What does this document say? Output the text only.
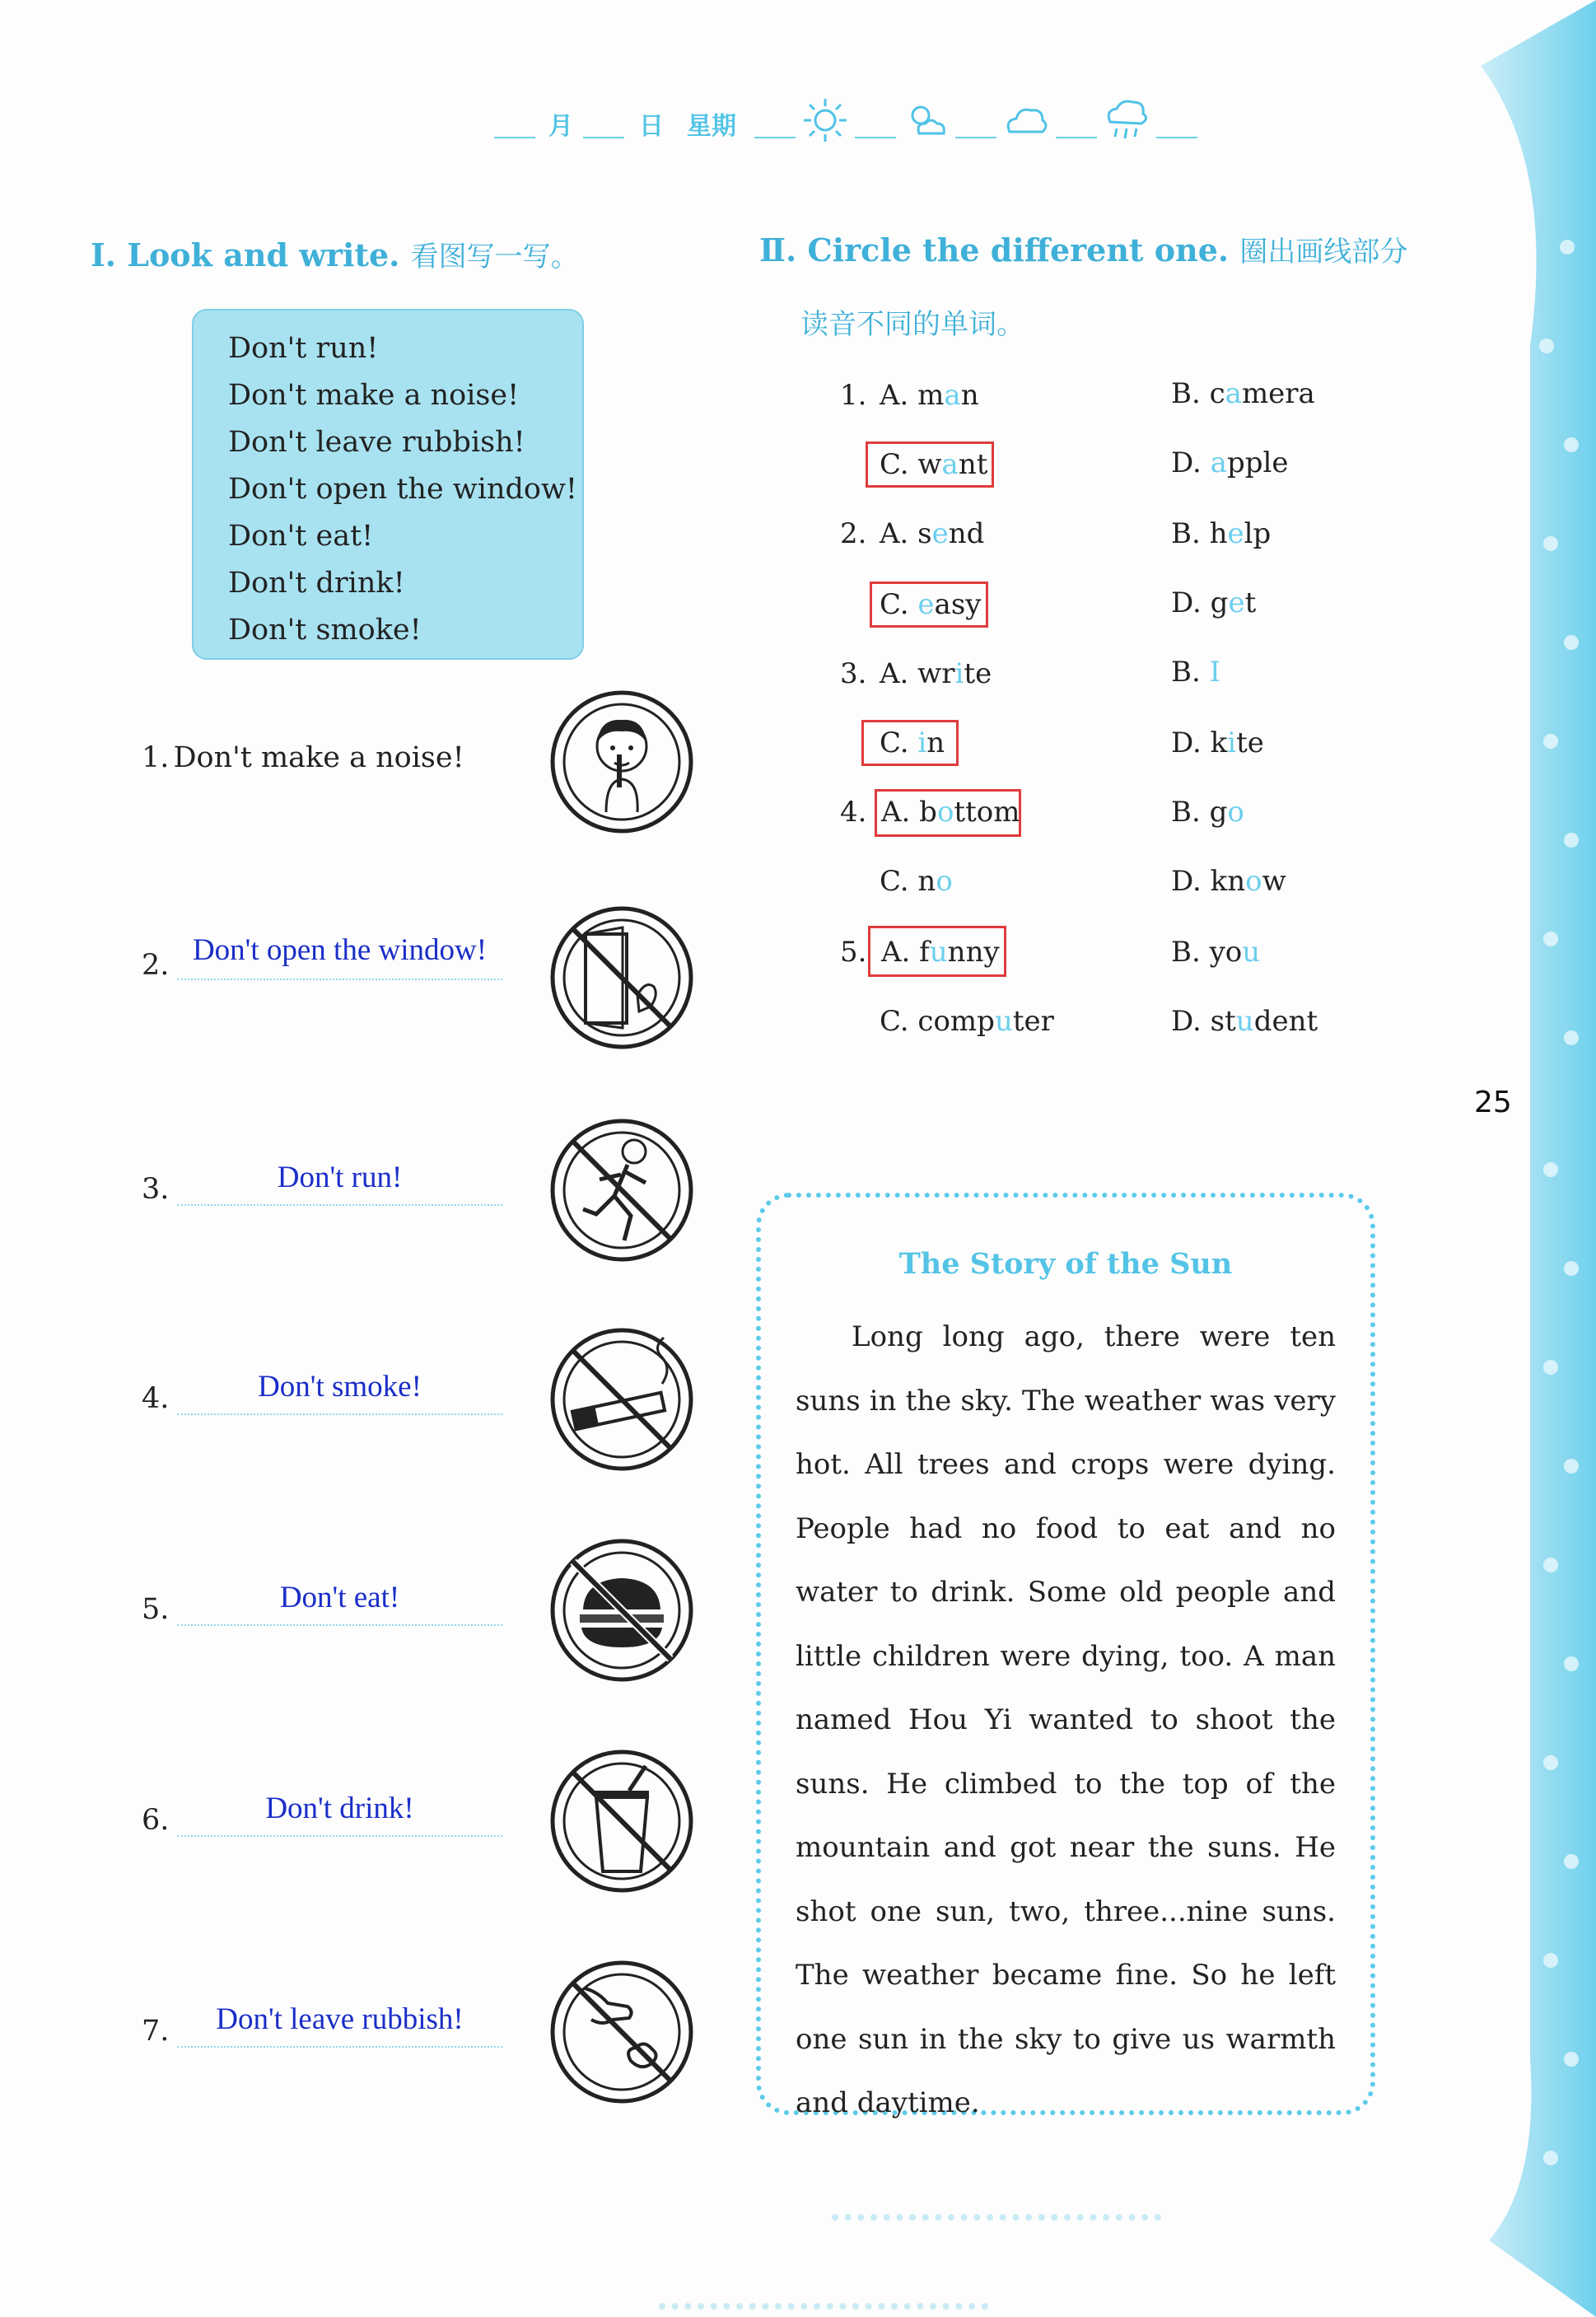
月	日 星期
Ⅰ. Look and write. 看图写一写。
Don't run!
Don't make a noise!
Don't leave rubbish!
Don't open the window!
Don't eat!
Don't drink!
Don't smoke!
1. Don't make a noise!
2. Don't open the window!
3.	Don't run!
4.	Don't smoke!
5.	Don't eat!
6.	Don't drink!
7.	Don't leave rubbish!
Ⅱ. Circle the different one. 圈出画线部分
读音不同的单词。
1. A. man	B. camera
C. want	D. apple
2. A. send	B. help
C. easy	D. get
3. A. write	B. I
C. in	D. kite
4. A. bottom	B. go
C. no	D. know
5. A. funny	B. you
C. computer	D. student
25
The Story of the Sun
Long long ago, there were ten suns in the sky. The weather was very hot. All trees and crops were dying. People had no food to eat and no water to drink. Some old people and little children were dying, too. A man named Hou Yi wanted to shoot the suns. He climbed to the top of the mountain and got near the suns. He shot one sun, two, three...nine suns. The weather became fine. So he left one sun in the sky to give us warmth and daytime.
